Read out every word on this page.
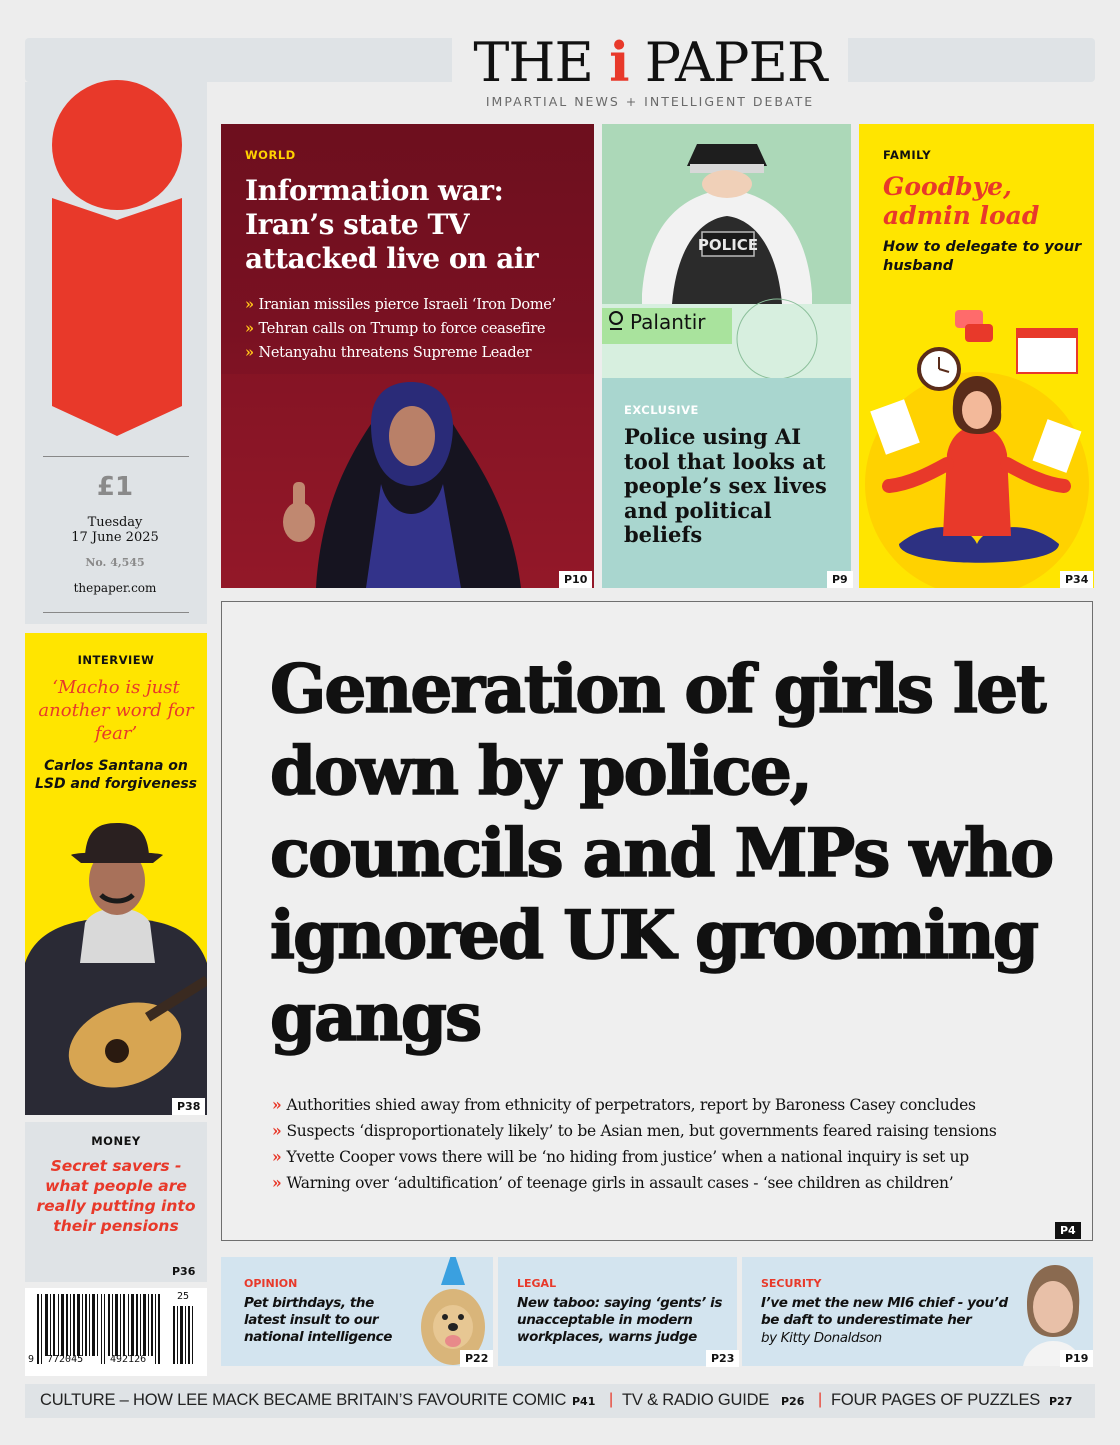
THE i PAPER
IMPARTIAL NEWS + INTELLIGENT DEBATE
£1
Tuesday
17 June 2025
No. 4,545
thepaper.com
WORLD
Information war: Iran’s state TV attacked live on air
» Iranian missiles pierce Israeli ‘Iron Dome’
» Tehran calls on Trump to force ceasefire
» Netanyahu threatens Supreme Leader
P10
POLICE
Palantir
EXCLUSIVE
Police using AI tool that looks at people’s sex lives and political beliefs
P9
FAMILY
Goodbye, admin load
How to delegate to your husband
P34
INTERVIEW
‘Macho is just another word for fear’
Carlos Santana on LSD and forgiveness
P38
MONEY
Secret savers - what people are really putting into their pensions
P36
25
9 772045	492126
Generation of girls let down by police, councils and MPs who ignored UK grooming gangs
» Authorities shied away from ethnicity of perpetrators, report by Baroness Casey concludes
» Suspects ‘disproportionately likely’ to be Asian men, but governments feared raising tensions
» Yvette Cooper vows there will be ‘no hiding from justice’ when a national inquiry is set up
» Warning over ‘adultification’ of teenage girls in assault cases - ‘see children as children’
P4
OPINION
Pet birthdays, the latest insult to our national intelligence
P22
LEGAL
New taboo: saying ‘gents’ is unacceptable in modern workplaces, warns judge
P23
SECURITY
I’ve met the new MI6 chief - you’d be daft to underestimate her
by Kitty Donaldson
P19
CULTURE – HOW LEE MACK BECAME BRITAIN’S FAVOURITE COMIC P41 | TV & RADIO GUIDE P26 | FOUR PAGES OF PUZZLES P27
